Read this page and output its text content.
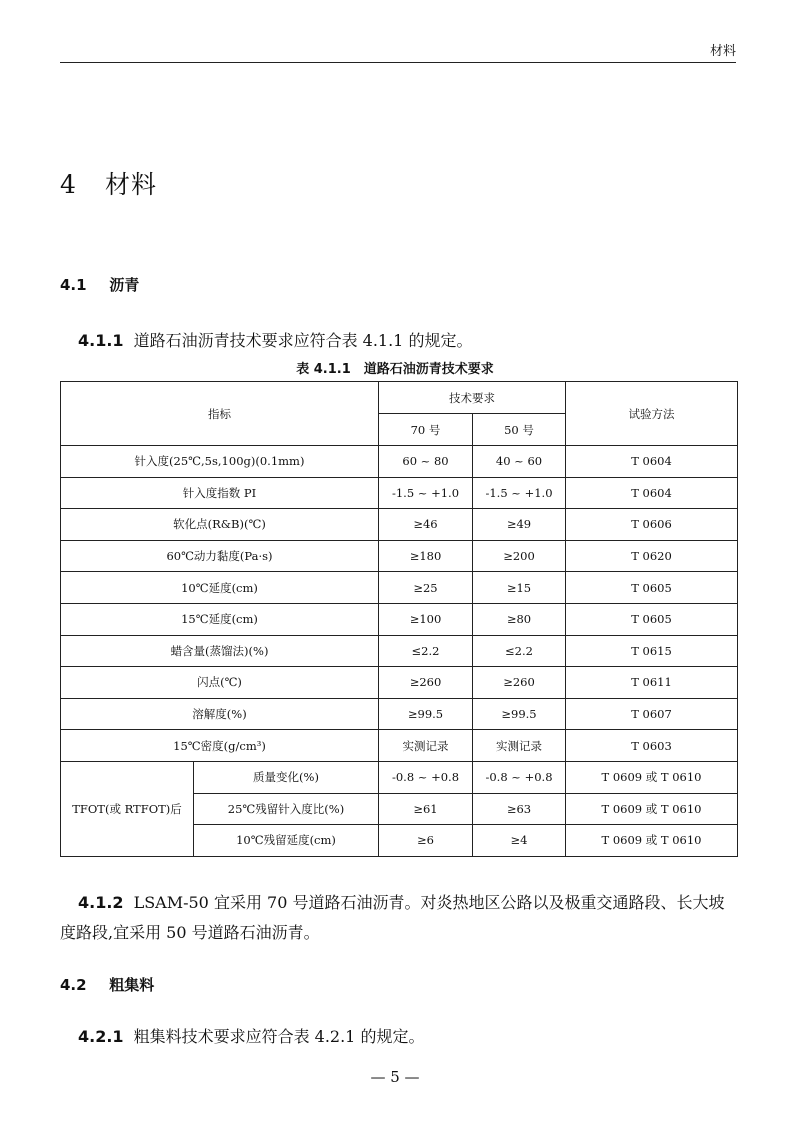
材料
4 材料
4.1 沥青
4.1.1 道路石油沥青技术要求应符合表 4.1.1 的规定。
表 4.1.1　道路石油沥青技术要求
指标		技术要求		试验方法
		70 号	50 号	
针入度(25℃,5s,100g)(0.1mm)		60 ~ 80	40 ~ 60	T 0604
针入度指数 PI		-1.5 ~ +1.0	-1.5 ~ +1.0	T 0604
软化点(R&B)(℃)		≥46	≥49	T 0606
60℃动力黏度(Pa·s)		≥180	≥200	T 0620
10℃延度(cm)		≥25	≥15	T 0605
15℃延度(cm)		≥100	≥80	T 0605
蜡含量(蒸馏法)(%)		≤2.2	≤2.2	T 0615
闪点(℃)		≥260	≥260	T 0611
溶解度(%)		≥99.5	≥99.5	T 0607
15℃密度(g/cm³)		实测记录	实测记录	T 0603
TFOT(或 RTFOT)后	质量变化(%)	-0.8 ~ +0.8	-0.8 ~ +0.8	T 0609 或 T 0610
	25℃残留针入度比(%)	≥61	≥63	T 0609 或 T 0610
	10℃残留延度(cm)	≥6	≥4	T 0609 或 T 0610
4.1.2 LSAM-50 宜采用 70 号道路石油沥青。对炎热地区公路以及极重交通路段、长大坡度路段,宜采用 50 号道路石油沥青。
4.2 粗集料
4.2.1 粗集料技术要求应符合表 4.2.1 的规定。
— 5 —
